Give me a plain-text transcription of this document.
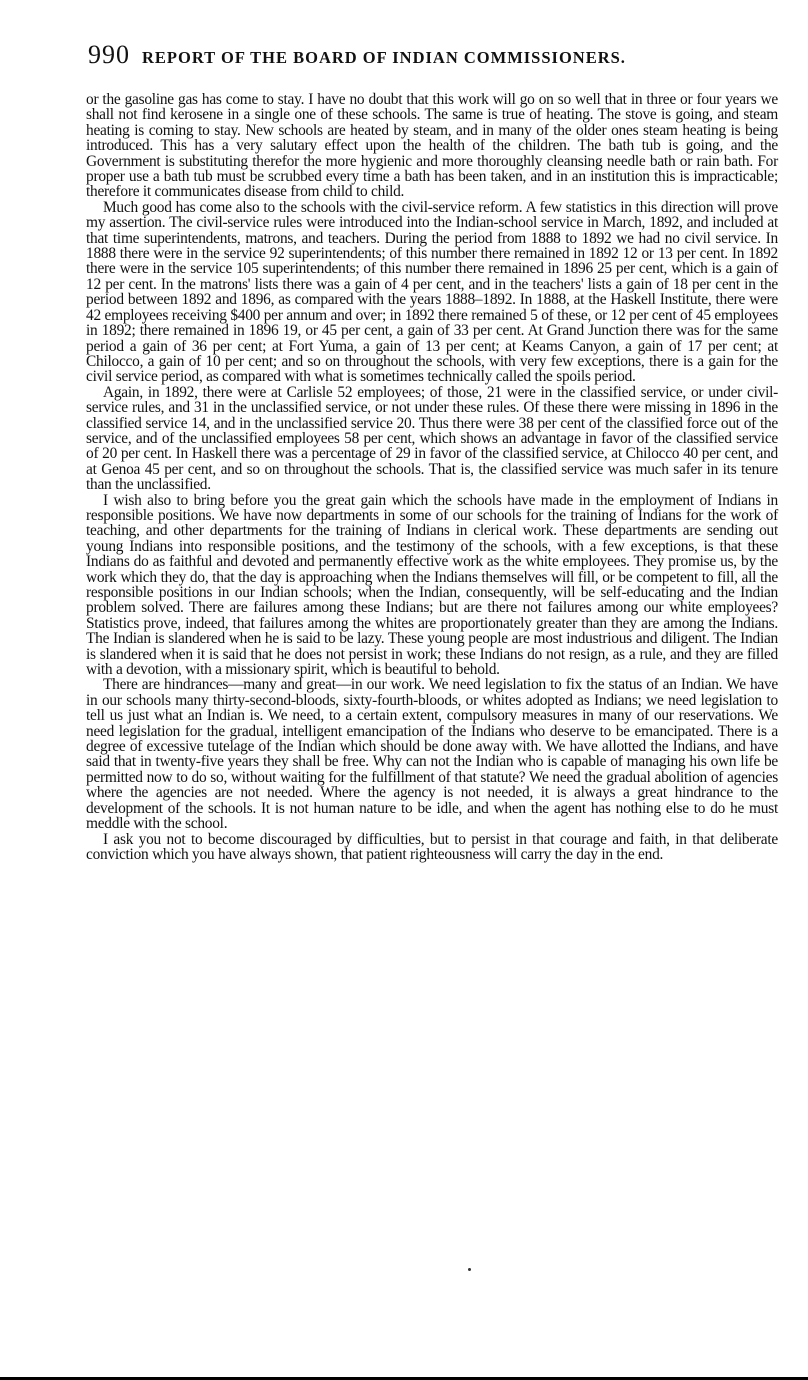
990 REPORT OF THE BOARD OF INDIAN COMMISSIONERS.

or the gasoline gas has come to stay. I have no doubt that this work will go on so well that in three or four years we shall not find kerosene in a single one of these schools. The same is true of heating. The stove is going, and steam heating is coming to stay. New schools are heated by steam, and in many of the older ones steam heating is being introduced. This has a very salutary effect upon the health of the children. The bath tub is going, and the Government is substituting therefor the more hygienic and more thoroughly cleansing needle bath or rain bath. For proper use a bath tub must be scrubbed every time a bath has been taken, and in an institution this is impracticable; therefore it communicates disease from child to child.

Much good has come also to the schools with the civil-service reform. A few statistics in this direction will prove my assertion. The civil-service rules were introduced into the Indian-school service in March, 1892, and included at that time superintendents, matrons, and teachers. During the period from 1888 to 1892 we had no civil service. In 1888 there were in the service 92 superintendents; of this number there remained in 1892 12 or 13 per cent. In 1892 there were in the service 105 superintendents; of this number there remained in 1896 25 per cent, which is a gain of 12 per cent. In the matrons' lists there was a gain of 4 per cent, and in the teachers' lists a gain of 18 per cent in the period between 1892 and 1896, as compared with the years 1888–1892. In 1888, at the Haskell Institute, there were 42 employees receiving $400 per annum and over; in 1892 there remained 5 of these, or 12 per cent of 45 employees in 1892; there remained in 1896 19, or 45 per cent, a gain of 33 per cent. At Grand Junction there was for the same period a gain of 36 per cent; at Fort Yuma, a gain of 13 per cent; at Keams Canyon, a gain of 17 per cent; at Chilocco, a gain of 10 per cent; and so on throughout the schools, with very few exceptions, there is a gain for the civil service period, as compared with what is sometimes technically called the spoils period.

Again, in 1892, there were at Carlisle 52 employees; of those, 21 were in the classified service, or under civil-service rules, and 31 in the unclassified service, or not under these rules. Of these there were missing in 1896 in the classified service 14, and in the unclassified service 20. Thus there were 38 per cent of the classified force out of the service, and of the unclassified employees 58 per cent, which shows an advantage in favor of the classified service of 20 per cent. In Haskell there was a percentage of 29 in favor of the classified service, at Chilocco 40 per cent, and at Genoa 45 per cent, and so on throughout the schools. That is, the classified service was much safer in its tenure than the unclassified.

I wish also to bring before you the great gain which the schools have made in the employment of Indians in responsible positions. We have now departments in some of our schools for the training of Indians for the work of teaching, and other departments for the training of Indians in clerical work. These departments are sending out young Indians into responsible positions, and the testimony of the schools, with a few exceptions, is that these Indians do as faithful and devoted and permanently effective work as the white employees. They promise us, by the work which they do, that the day is approaching when the Indians themselves will fill, or be competent to fill, all the responsible positions in our Indian schools; when the Indian, consequently, will be self-educating and the Indian problem solved. There are failures among these Indians; but are there not failures among our white employees? Statistics prove, indeed, that failures among the whites are proportionately greater than they are among the Indians. The Indian is slandered when he is said to be lazy. These young people are most industrious and diligent. The Indian is slandered when it is said that he does not persist in work; these Indians do not resign, as a rule, and they are filled with a devotion, with a missionary spirit, which is beautiful to behold.

There are hindrances—many and great—in our work. We need legislation to fix the status of an Indian. We have in our schools many thirty-second-bloods, sixty-fourth-bloods, or whites adopted as Indians; we need legislation to tell us just what an Indian is. We need, to a certain extent, compulsory measures in many of our reservations. We need legislation for the gradual, intelligent emancipation of the Indians who deserve to be emancipated. There is a degree of excessive tutelage of the Indian which should be done away with. We have allotted the Indians, and have said that in twenty-five years they shall be free. Why can not the Indian who is capable of managing his own life be permitted now to do so, without waiting for the fulfillment of that statute? We need the gradual abolition of agencies where the agencies are not needed. Where the agency is not needed, it is always a great hindrance to the development of the schools. It is not human nature to be idle, and when the agent has nothing else to do he must meddle with the school.

I ask you not to become discouraged by difficulties, but to persist in that courage and faith, in that deliberate conviction which you have always shown, that patient righteousness will carry the day in the end.
